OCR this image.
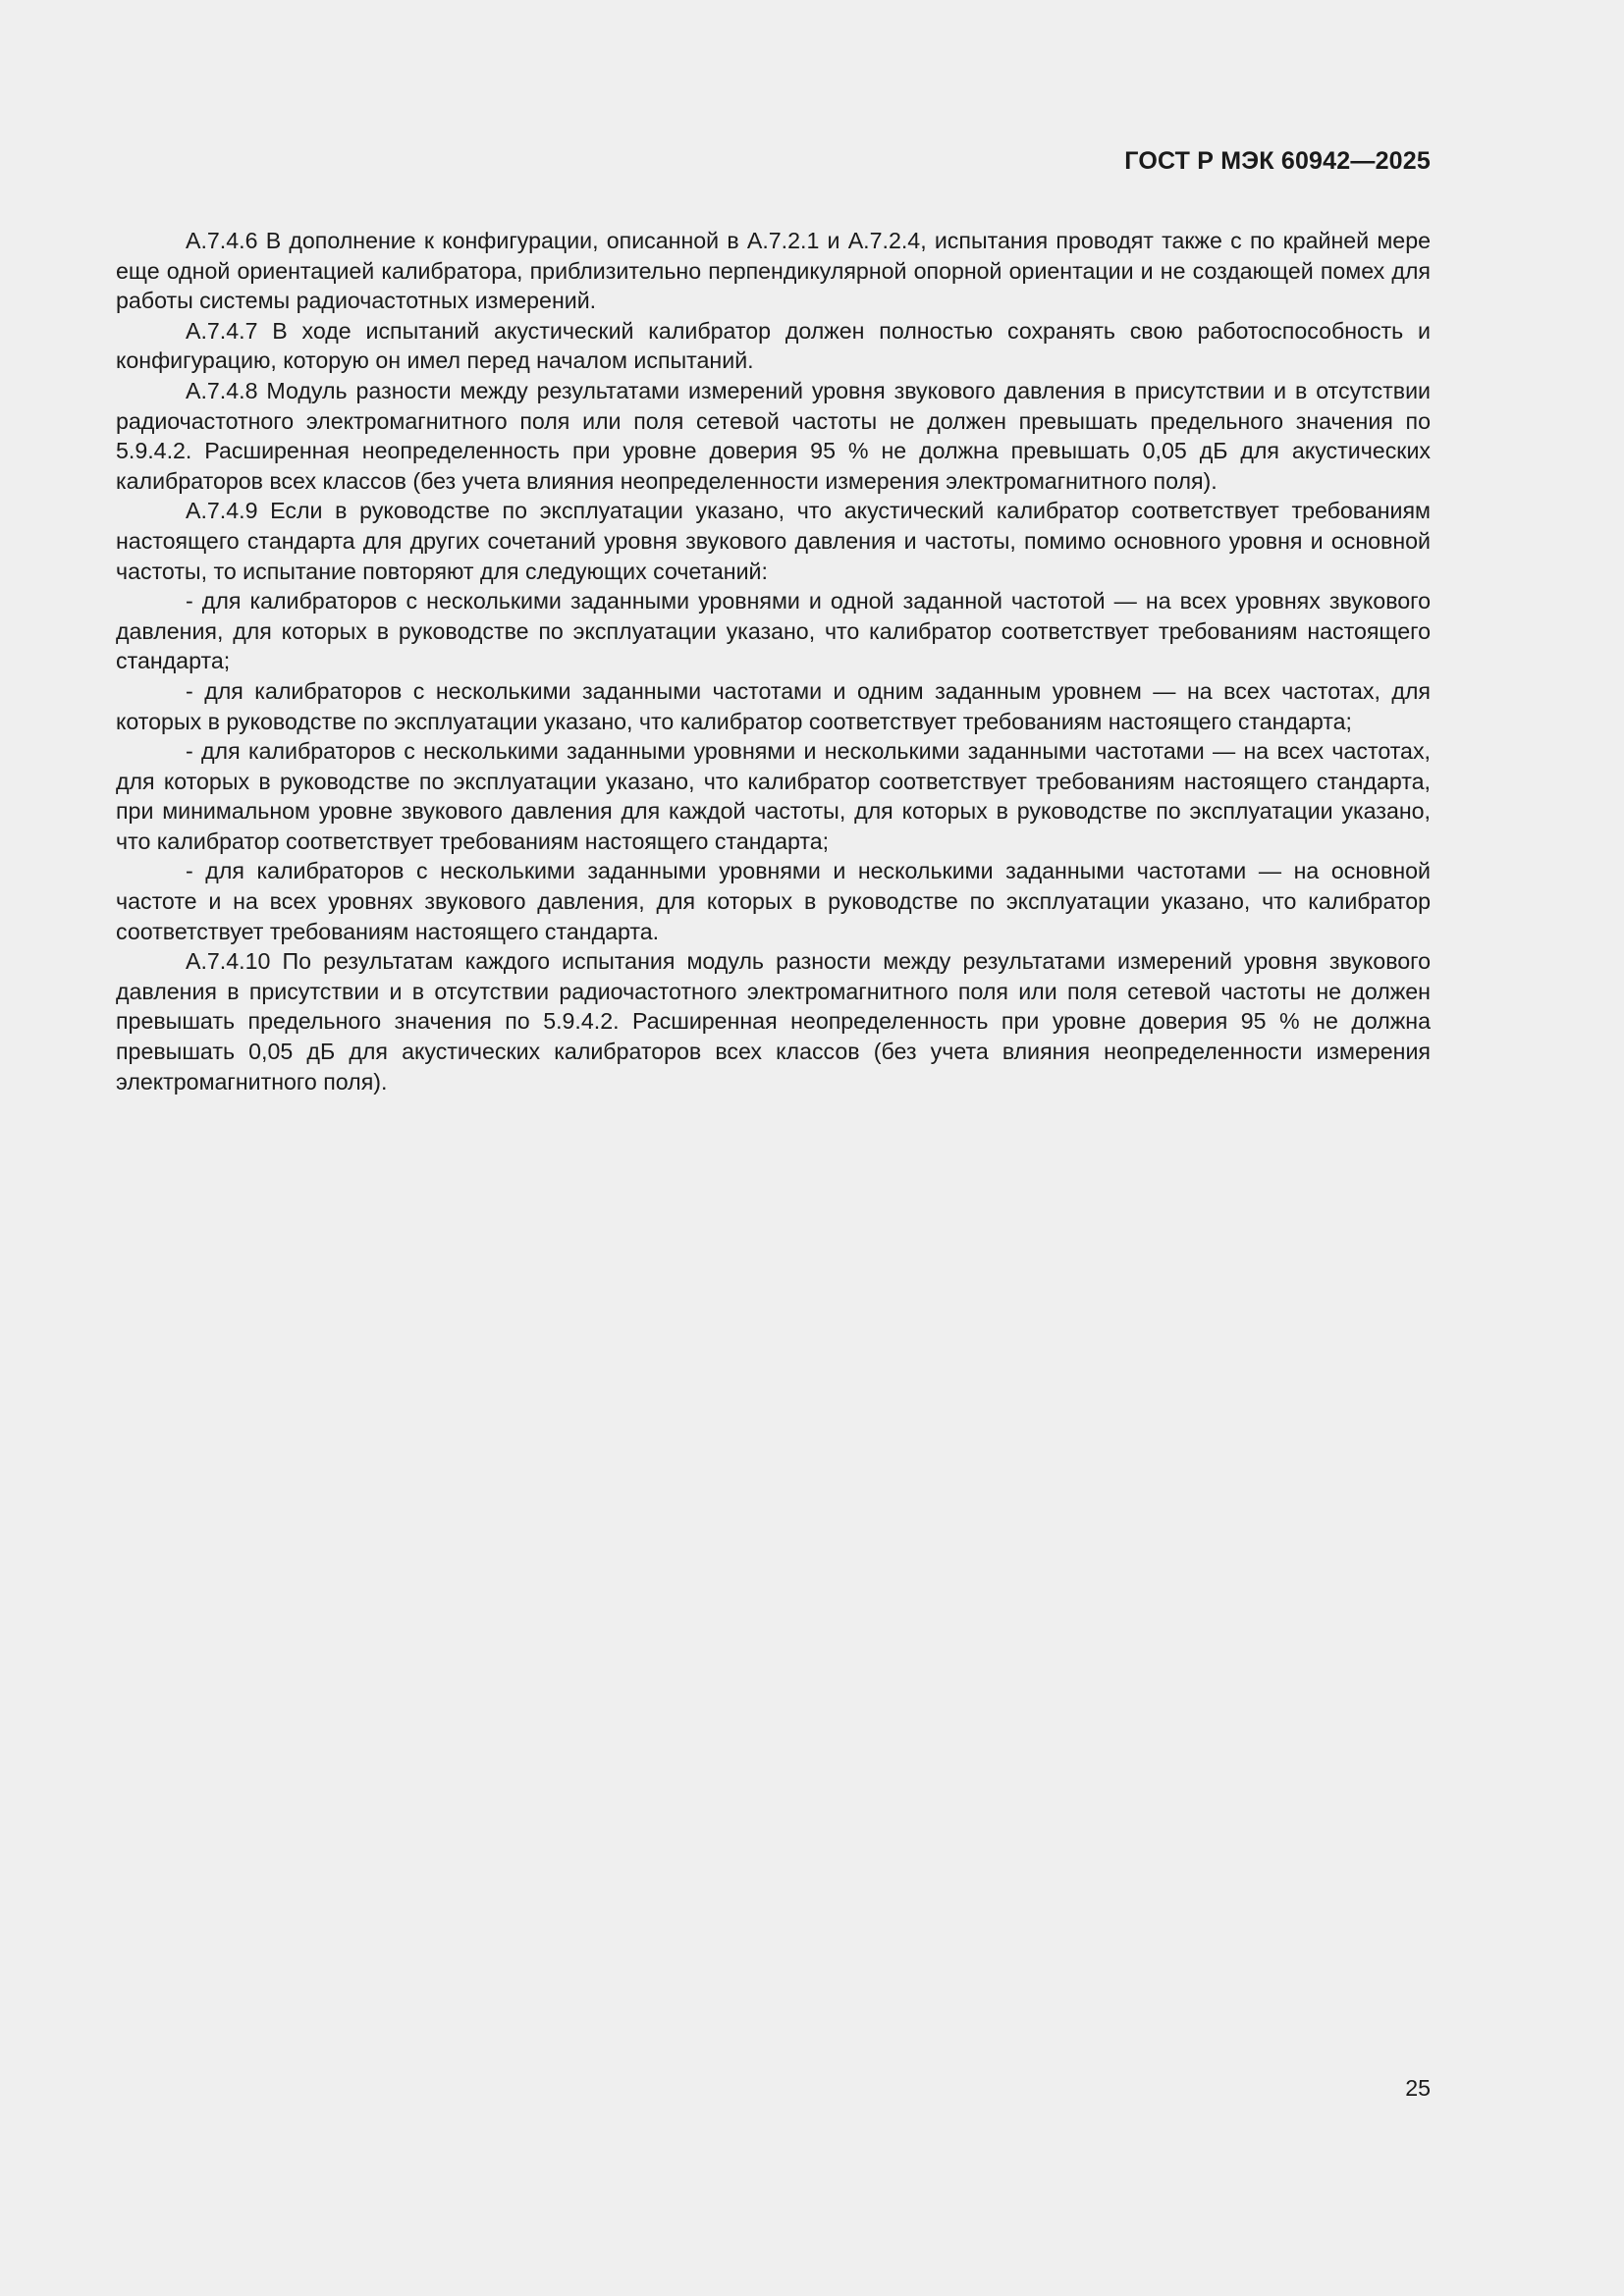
ГОСТ Р МЭК 60942—2025

А.7.4.6 В дополнение к конфигурации, описанной в А.7.2.1 и А.7.2.4, испытания проводят также с по крайней мере еще одной ориентацией калибратора, приблизительно перпендикулярной опорной ориентации и не создающей помех для работы системы радиочастотных измерений.

А.7.4.7 В ходе испытаний акустический калибратор должен полностью сохранять свою работоспособность и конфигурацию, которую он имел перед началом испытаний.

А.7.4.8 Модуль разности между результатами измерений уровня звукового давления в присутствии и в отсутствии радиочастотного электромагнитного поля или поля сетевой частоты не должен превышать предельного значения по 5.9.4.2. Расширенная неопределенность при уровне доверия 95 % не должна превышать 0,05 дБ для акустических калибраторов всех классов (без учета влияния неопределенности измерения электромагнитного поля).

А.7.4.9 Если в руководстве по эксплуатации указано, что акустический калибратор соответствует требованиям настоящего стандарта для других сочетаний уровня звукового давления и частоты, помимо основного уровня и основной частоты, то испытание повторяют для следующих сочетаний:

- для калибраторов с несколькими заданными уровнями и одной заданной частотой — на всех уровнях звукового давления, для которых в руководстве по эксплуатации указано, что калибратор соответствует требованиям настоящего стандарта;

- для калибраторов с несколькими заданными частотами и одним заданным уровнем — на всех частотах, для которых в руководстве по эксплуатации указано, что калибратор соответствует требованиям настоящего стандарта;

- для калибраторов с несколькими заданными уровнями и несколькими заданными частотами — на всех частотах, для которых в руководстве по эксплуатации указано, что калибратор соответствует требованиям настоящего стандарта, при минимальном уровне звукового давления для каждой частоты, для которых в руководстве по эксплуатации указано, что калибратор соответствует требованиям настоящего стандарта;

- для калибраторов с несколькими заданными уровнями и несколькими заданными частотами — на основной частоте и на всех уровнях звукового давления, для которых в руководстве по эксплуатации указано, что калибратор соответствует требованиям настоящего стандарта.

А.7.4.10 По результатам каждого испытания модуль разности между результатами измерений уровня звукового давления в присутствии и в отсутствии радиочастотного электромагнитного поля или поля сетевой частоты не должен превышать предельного значения по 5.9.4.2. Расширенная неопределенность при уровне доверия 95 % не должна превышать 0,05 дБ для акустических калибраторов всех классов (без учета влияния неопределенности измерения электромагнитного поля).

25
